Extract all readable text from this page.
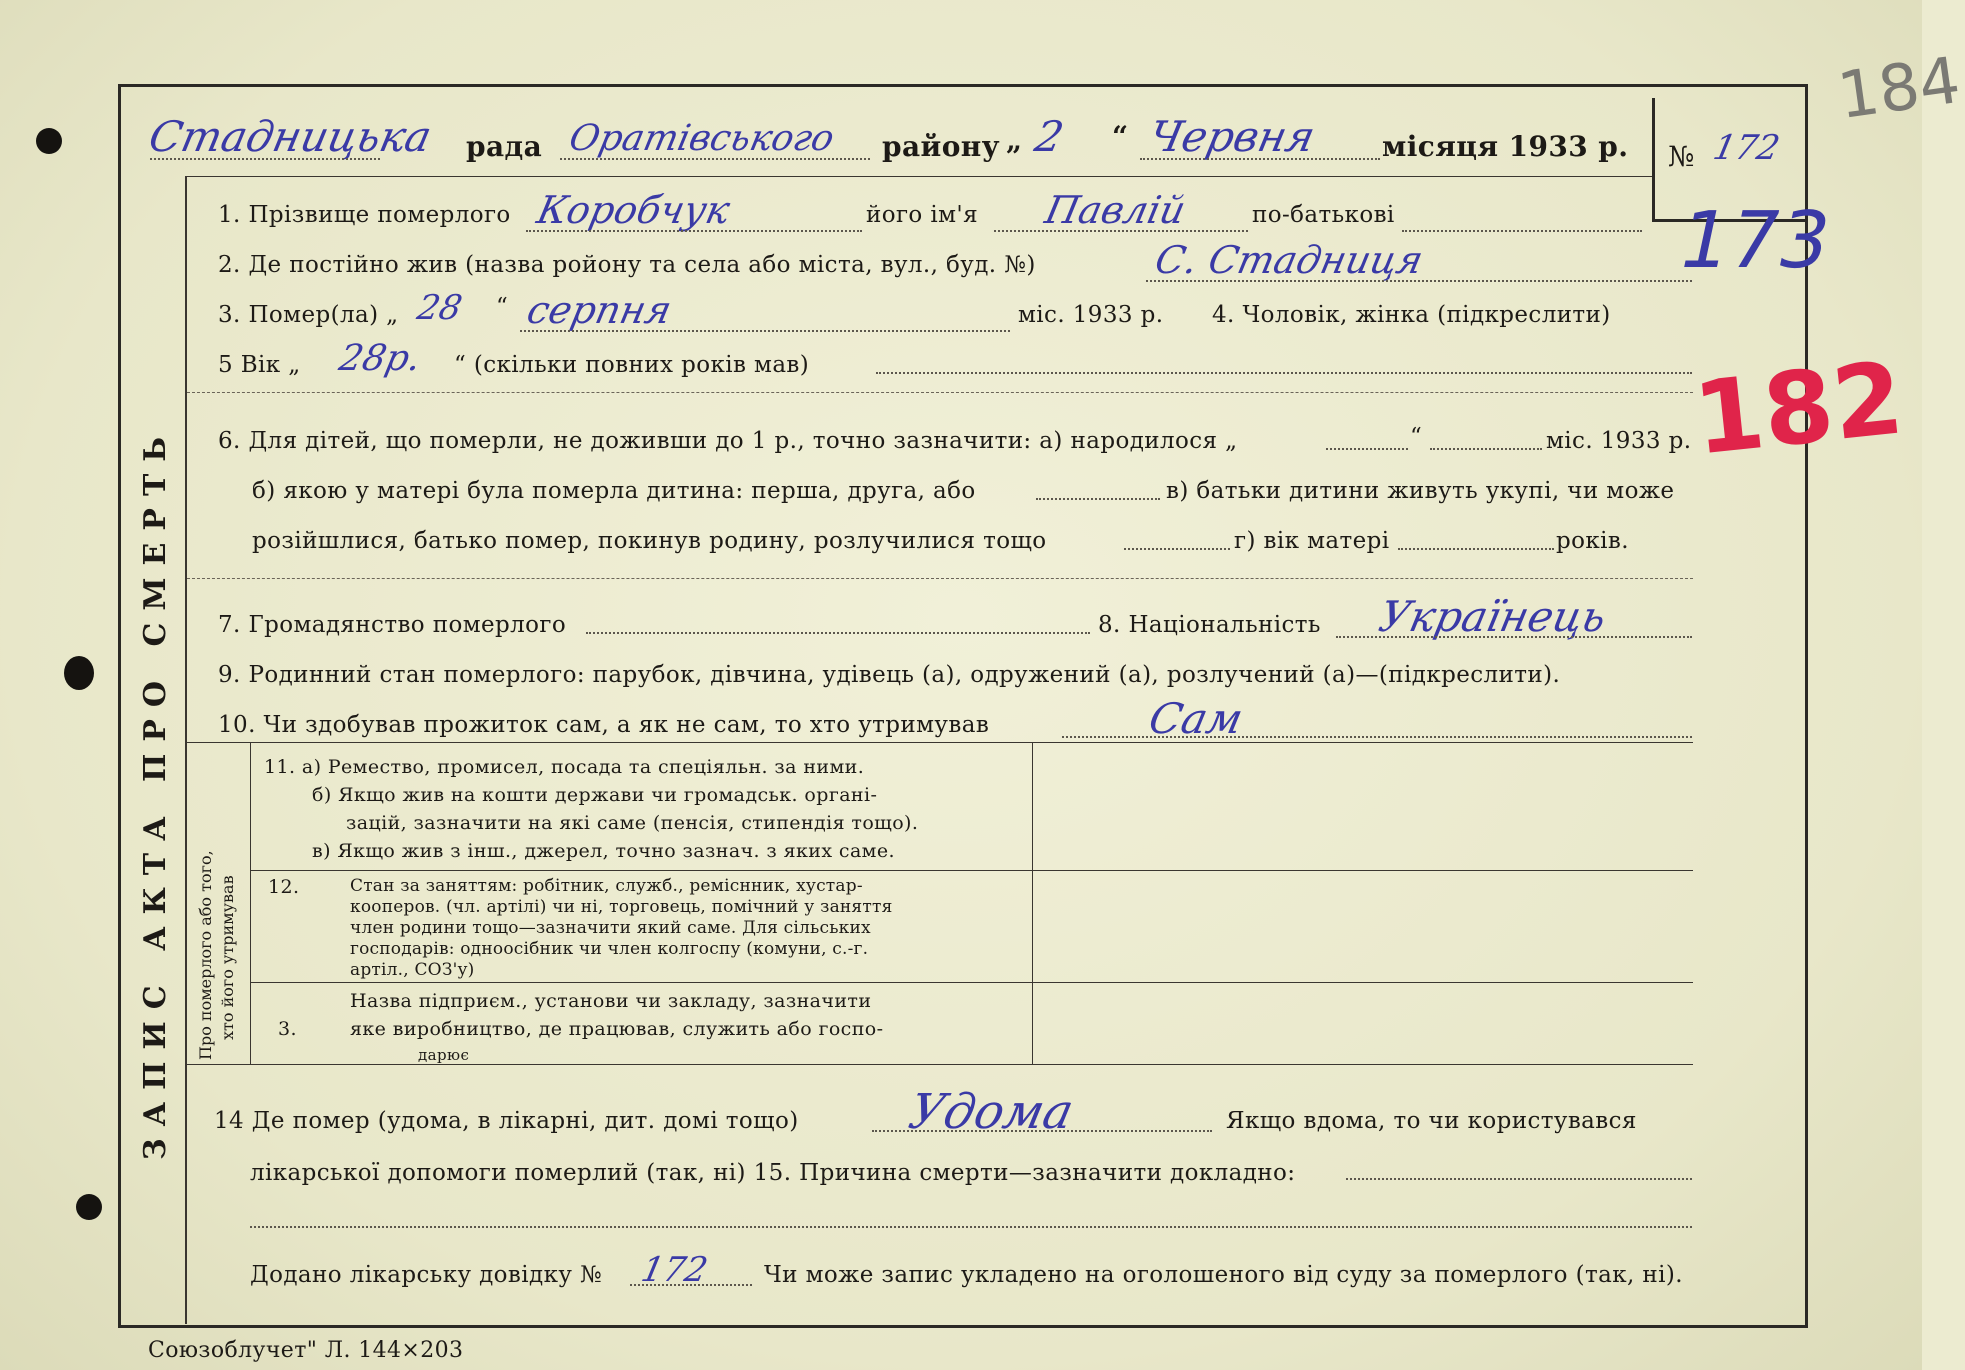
ЗАПИС АКТА ПРО СМЕРТЬ Про померлого або того, хто його утримував
Стадницька рада Оратівського району „ 2 “ Червня місяця 1933 р. № 172
184
173
182
1. Прізвище померлого Коробчук	його ім'я Павлій	по-батькові
2. Де постійно жив (назва ройону та села або міста, вул., буд. №)	С. Стадниця
3. Помер(ла) „ 28 “ серпня	міс. 1933 р. 4. Чоловік, жінка (підкреслити)
5 Вік „ 28р. “ (скільки повних років мав)
6. Для дітей, що померли, не доживши до 1 р., точно зазначити: а) народилося „	“	міс. 1933 р.
б) якою у матері була померла дитина: перша, друга, або	в) батьки дитини живуть укупі, чи може
розійшлися, батько помер, покинув родину, розлучилися тощо	г) вік матері	років.
7. Громадянство померлого	8. Національність Українець
9. Родинний стан померлого: парубок, дівчина, удівець (а), одружений (а), розлучений (а)—(підкреслити).
10. Чи здобував прожиток сам, а як не сам, то хто утримував	Сам
11. а) Ремество, промисел, посада та спеціяльн. за ними.
б) Якщо жив на кошти держави чи громадськ. органі-
зацій, зазначити на які саме (пенсія, стипендія тощо).
в) Якщо жив з інш., джерел, точно зазнач. з яких саме.
12.	Стан за заняттям: робітник, служб., реміснник, хустар-
кооперов. (чл. артілі) чи ні, торговець, помічний у заняття
член родини тощо—зазначити який саме. Для сільських
господарів: одноосібник чи член колгоспу (комуни, с.-г.
артіл., СОЗ'у)
3.
Назва підприєм., установи чи закладу, зазначити
яке виробництво, де працював, служить або госпо-
дарює
14 Де помер (удома, в лікарні, дит. домі тощо) Удома	Якщо вдома, то чи користувався
лікарської допомоги померлий (так, ні) 15. Причина смерти—зазначити докладно:
Додано лікарську довідку № 172 Чи може запис укладено на оголошеного від суду за померлого (так, ні).
Союзоблучет" Л. 144×203
